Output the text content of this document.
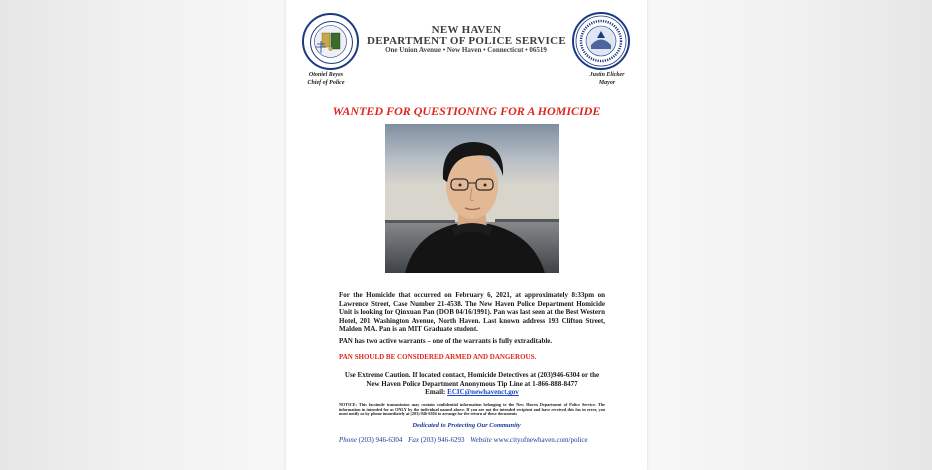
NEW HAVEN
DEPARTMENT OF POLICE SERVICE
One Union Avenue • New Haven • Connecticut • 06519
Otoniel Reyes
Chief of Police
Justin Elicker
Mayor
WANTED FOR QUESTIONING FOR A HOMICIDE
For the Homicide that occurred on February 6, 2021, at approximately 8:33pm on Lawrence Street, Case Number 21-4538. The New Haven Police Department Homicide Unit is looking for Qinxuan Pan (DOB 04/16/1991). Pan was last seen at the Best Western Hotel, 201 Washington Avenue, North Haven. Last known address 193 Clifton Street, Malden MA. Pan is an MIT Graduate student.
PAN has two active warrants – one of the warrants is fully extraditable.
PAN SHOULD BE CONSIDERED ARMED AND DANGEROUS.
Use Extreme Caution. If located contact, Homicide Detectives at (203)946-6304 or the New Haven Police Department Anonymous Tip Line at 1-866-888-8477
Email: ECIC@newhavenct.gov
NOTICE: This facsimile transmission may contain confidential information belonging to the New Haven Department of Police Service. The information in intended for as ONLY by the individual named above. If you are not the intended recipient and have received this fax in error, you must notify us by phone immediately at (203) 946-6304 to arrange for the return of these documents
Dedicated to Protecting Our Community
Phone (203) 946-6304 Fax (203) 946-6293 Website www.cityofnewhaven.com/police
